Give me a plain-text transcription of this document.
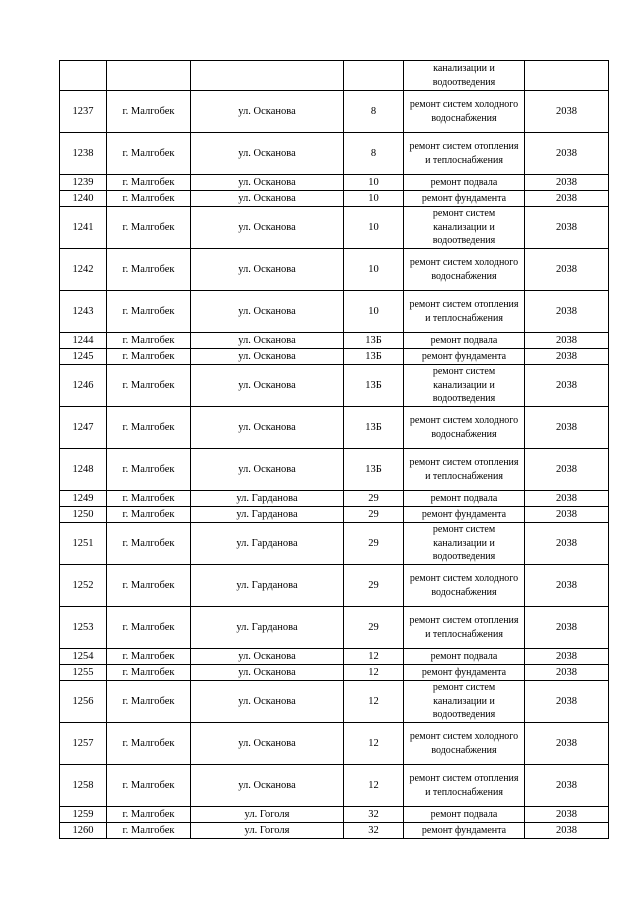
				канализации и водоотведения	
1237	г. Малгобек	ул. Осканова	8	ремонт систем холодного водоснабжения	2038
1238	г. Малгобек	ул. Осканова	8	ремонт систем отопления и теплоснабжения	2038
1239	г. Малгобек	ул. Осканова	10	ремонт подвала	2038
1240	г. Малгобек	ул. Осканова	10	ремонт фундамента	2038
1241	г. Малгобек	ул. Осканова	10	ремонт систем канализации и водоотведения	2038
1242	г. Малгобек	ул. Осканова	10	ремонт систем холодного водоснабжения	2038
1243	г. Малгобек	ул. Осканова	10	ремонт систем отопления и теплоснабжения	2038
1244	г. Малгобек	ул. Осканова	13Б	ремонт подвала	2038
1245	г. Малгобек	ул. Осканова	13Б	ремонт фундамента	2038
1246	г. Малгобек	ул. Осканова	13Б	ремонт систем канализации и водоотведения	2038
1247	г. Малгобек	ул. Осканова	13Б	ремонт систем холодного водоснабжения	2038
1248	г. Малгобек	ул. Осканова	13Б	ремонт систем отопления и теплоснабжения	2038
1249	г. Малгобек	ул. Гарданова	29	ремонт подвала	2038
1250	г. Малгобек	ул. Гарданова	29	ремонт фундамента	2038
1251	г. Малгобек	ул. Гарданова	29	ремонт систем канализации и водоотведения	2038
1252	г. Малгобек	ул. Гарданова	29	ремонт систем холодного водоснабжения	2038
1253	г. Малгобек	ул. Гарданова	29	ремонт систем отопления и теплоснабжения	2038
1254	г. Малгобек	ул. Осканова	12	ремонт подвала	2038
1255	г. Малгобек	ул. Осканова	12	ремонт фундамента	2038
1256	г. Малгобек	ул. Осканова	12	ремонт систем канализации и водоотведения	2038
1257	г. Малгобек	ул. Осканова	12	ремонт систем холодного водоснабжения	2038
1258	г. Малгобек	ул. Осканова	12	ремонт систем отопления и теплоснабжения	2038
1259	г. Малгобек	ул. Гоголя	32	ремонт подвала	2038
1260	г. Малгобек	ул. Гоголя	32	ремонт фундамента	2038
